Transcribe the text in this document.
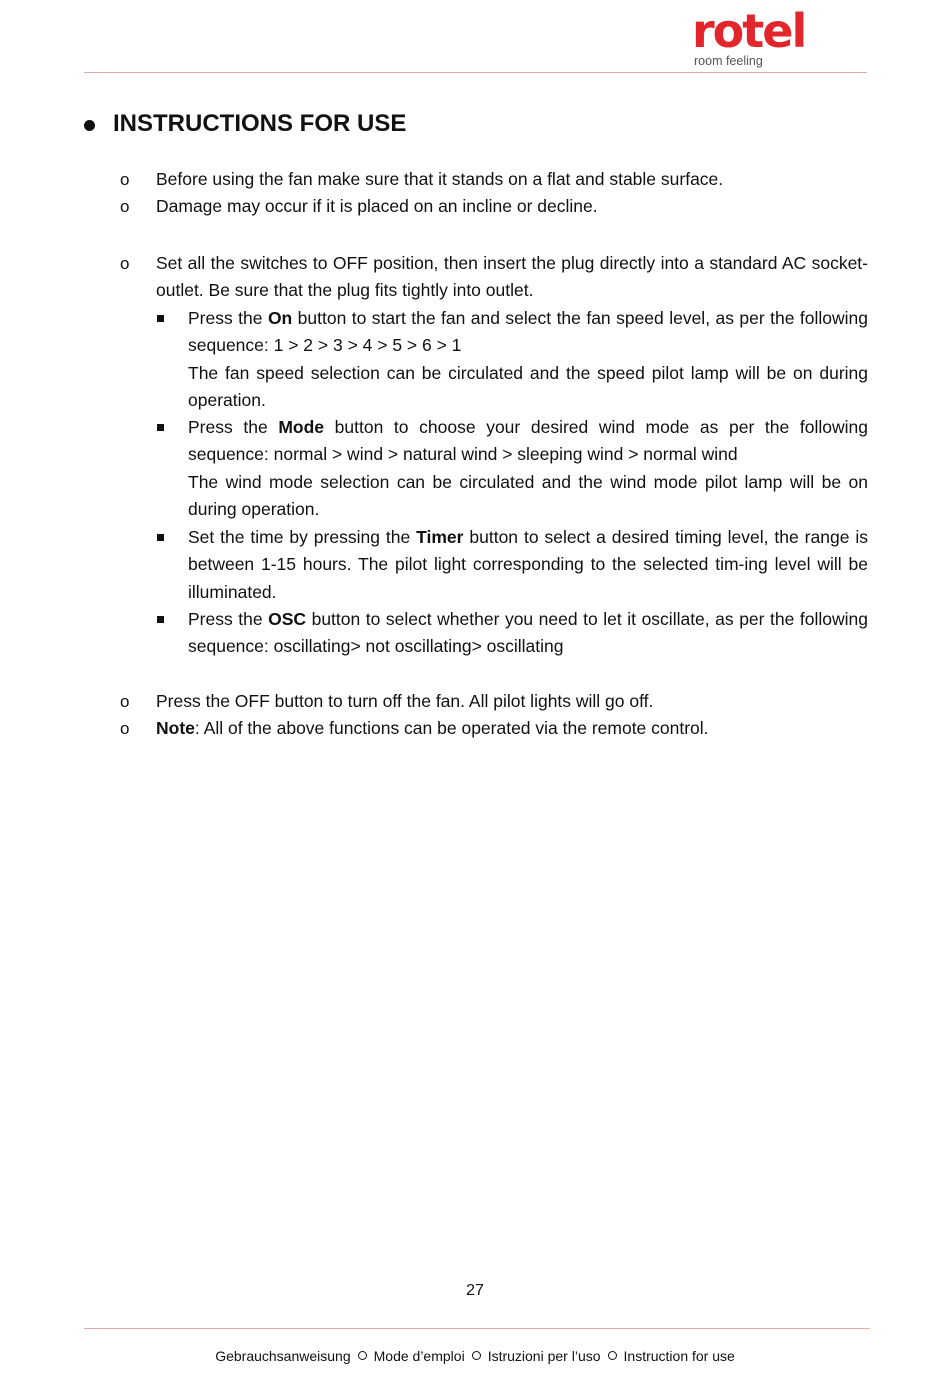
rotel
room feeling
INSTRUCTIONS FOR USE
o Before using the fan make sure that it stands on a flat and stable surface.
o Damage may occur if it is placed on an incline or decline.
o Set all the switches to OFF position, then insert the plug directly into a standard AC socket-outlet. Be sure that the plug fits tightly into outlet.
Press the On button to start the fan and select the fan speed level, as per the following sequence: 1 > 2 > 3 > 4 > 5 > 6 > 1
The fan speed selection can be circulated and the speed pilot lamp will be on during operation.
Press the Mode button to choose your desired wind mode as per the following sequence: normal > wind > natural wind > sleeping wind > normal wind
The wind mode selection can be circulated and the wind mode pilot lamp will be on during operation.
Set the time by pressing the Timer button to select a desired timing level, the range is between 1-15 hours. The pilot light corresponding to the selected tim-ing level will be illuminated.
Press the OSC button to select whether you need to let it oscillate, as per the following sequence: oscillating> not oscillating> oscillating
o Press the OFF button to turn off the fan. All pilot lights will go off.
o Note: All of the above functions can be operated via the remote control.
27
Gebrauchsanweisung Mode d’emploi Istruzioni per l’uso Instruction for use
